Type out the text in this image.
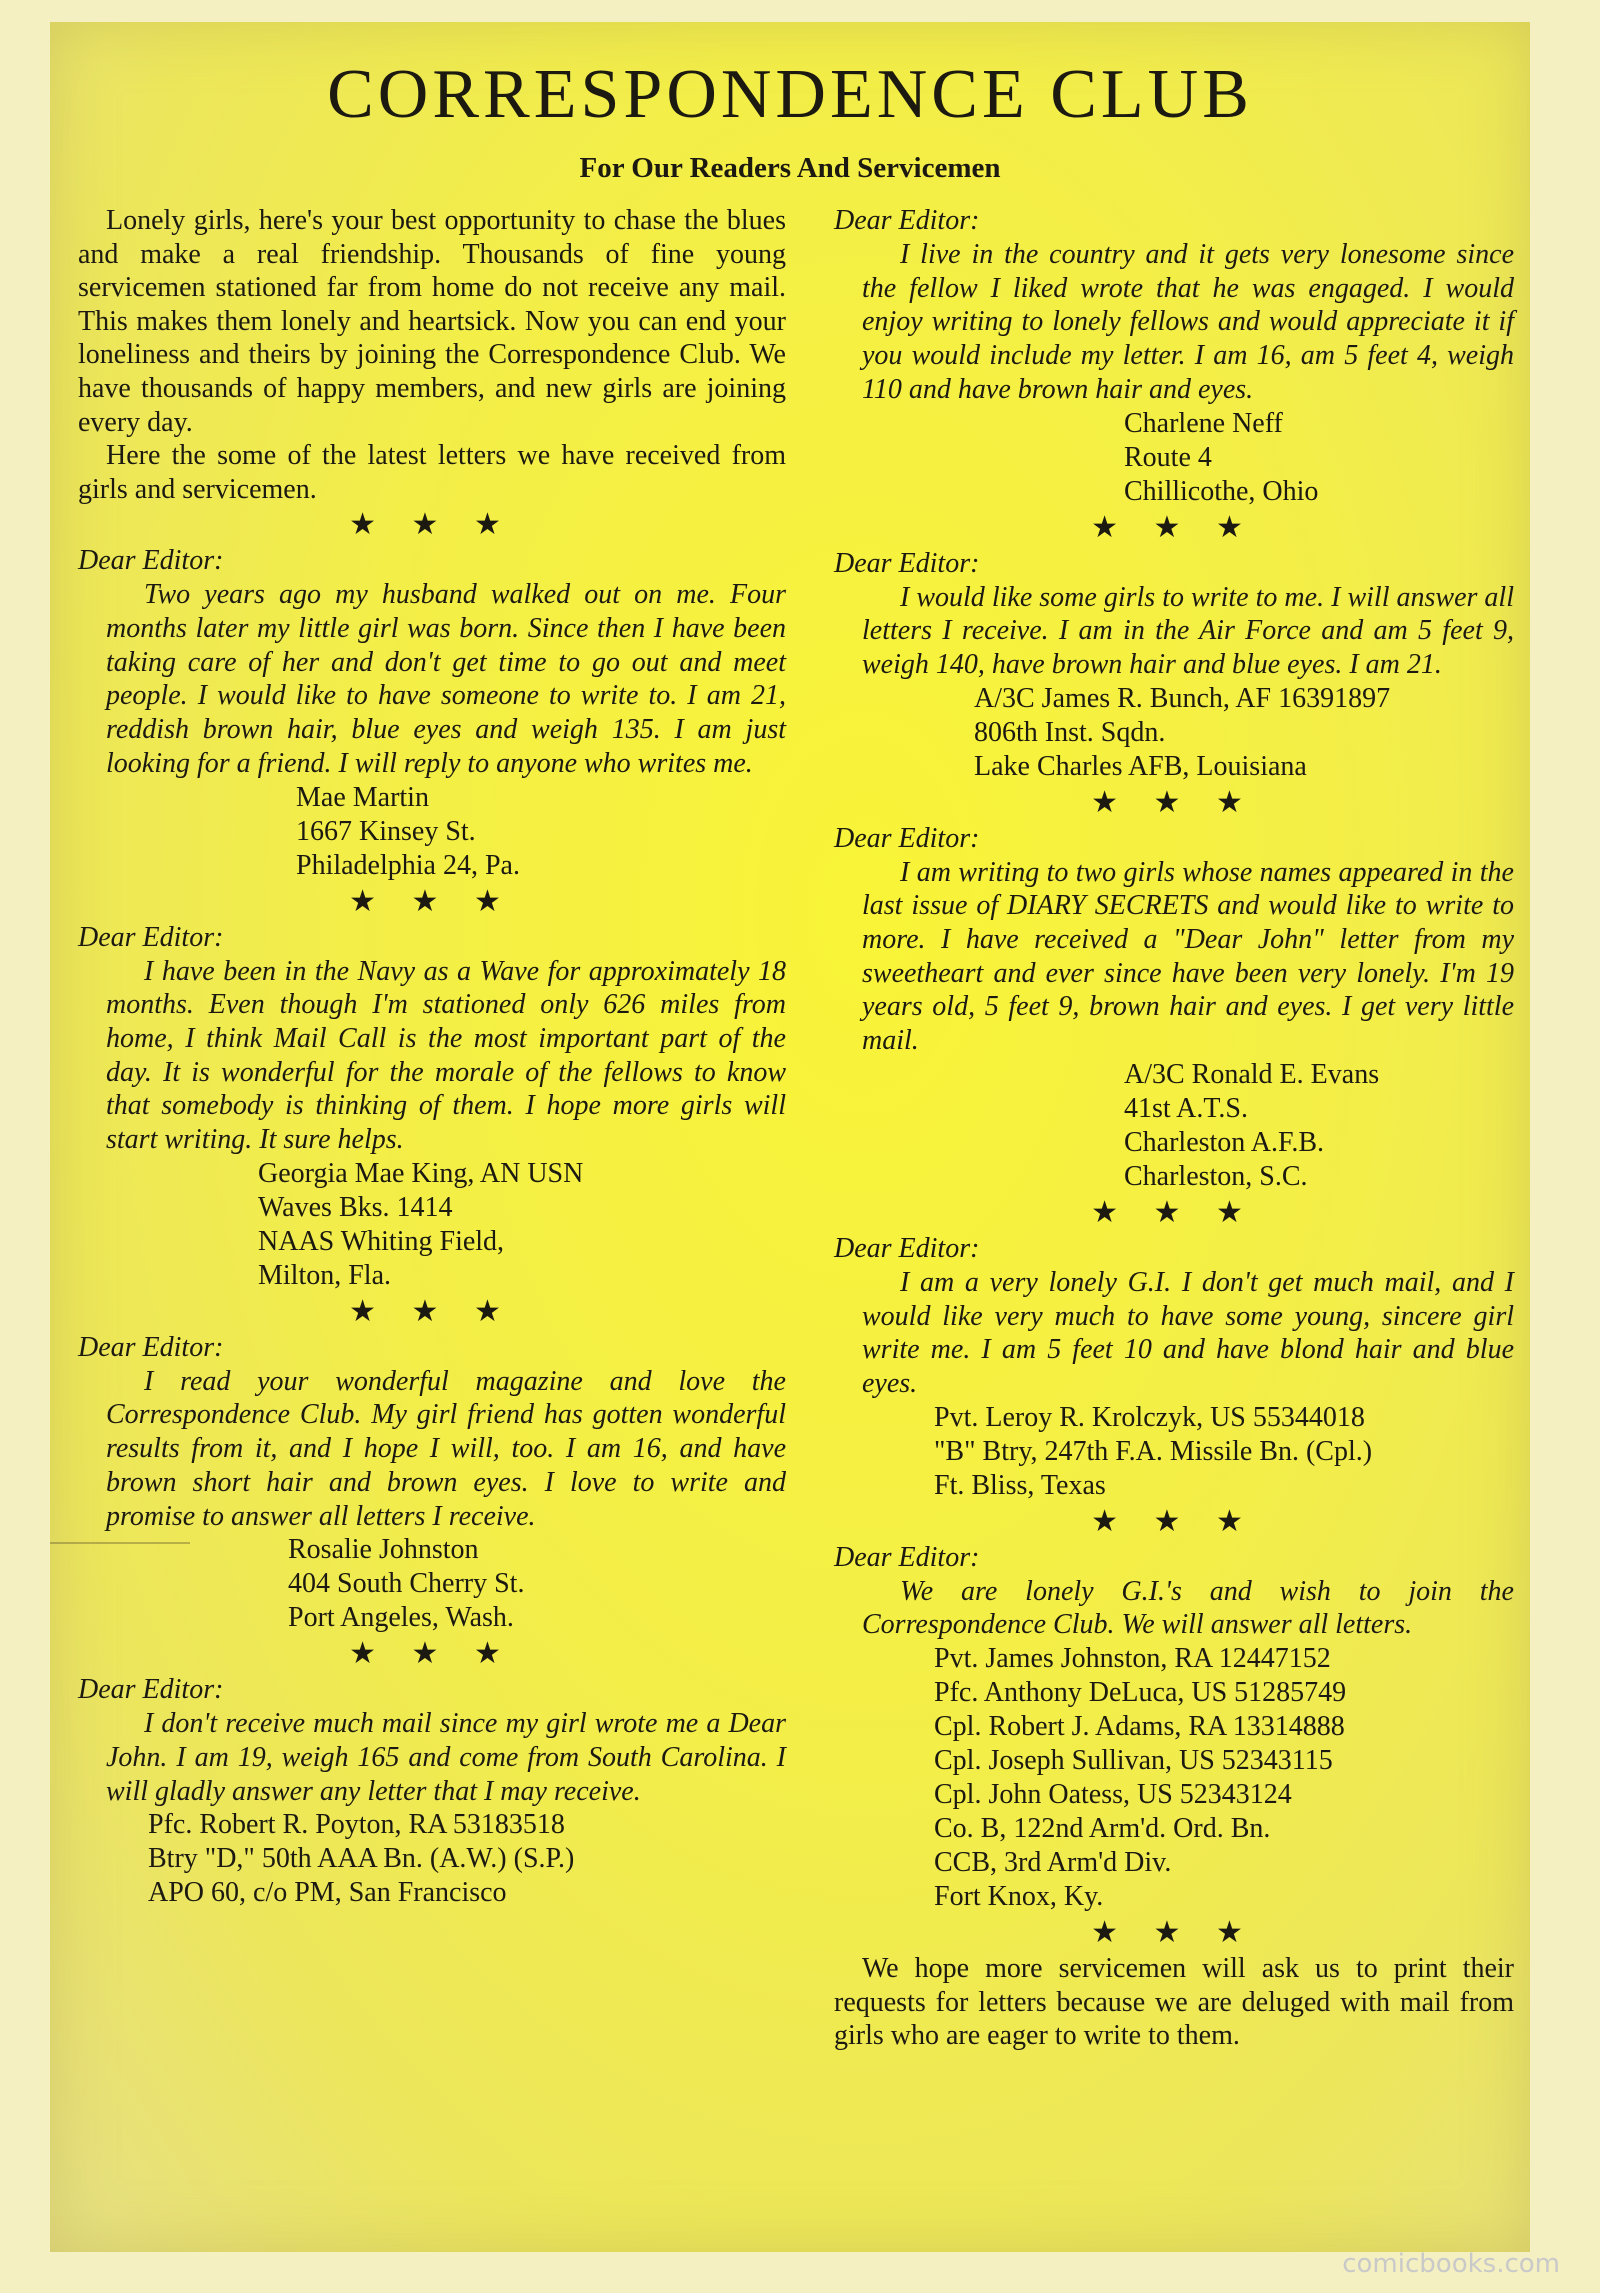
CORRESPONDENCE CLUB
For Our Readers And Servicemen

Lonely girls, here's your best opportunity to chase the blues and make a real friendship. Thousands of fine young servicemen stationed far from home do not receive any mail. This makes them lonely and heartsick. Now you can end your loneliness and theirs by joining the Correspondence Club. We have thousands of happy members, and new girls are joining every day.

Here the some of the latest letters we have received from girls and servicemen.

★ ★ ★
Dear Editor:

Two years ago my husband walked out on me. Four months later my little girl was born. Since then I have been taking care of her and don't get time to go out and meet people. I would like to have someone to write to. I am 21, reddish brown hair, blue eyes and weigh 135. I am just looking for a friend. I will reply to anyone who writes me.

Mae Martin
1667 Kinsey St.
Philadelphia 24, Pa.
★ ★ ★
Dear Editor:

I have been in the Navy as a Wave for approximately 18 months. Even though I'm stationed only 626 miles from home, I think Mail Call is the most important part of the day. It is wonderful for the morale of the fellows to know that somebody is thinking of them. I hope more girls will start writing. It sure helps.

Georgia Mae King, AN USN
Waves Bks. 1414
NAAS Whiting Field,
Milton, Fla.
★ ★ ★
Dear Editor:

I read your wonderful magazine and love the Correspondence Club. My girl friend has gotten wonderful results from it, and I hope I will, too. I am 16, and have brown short hair and brown eyes. I love to write and promise to answer all letters I receive.

Rosalie Johnston
404 South Cherry St.
Port Angeles, Wash.
★ ★ ★
Dear Editor:

I don't receive much mail since my girl wrote me a Dear John. I am 19, weigh 165 and come from South Carolina. I will gladly answer any letter that I may receive.

Pfc. Robert R. Poyton, RA 53183518
Btry "D," 50th AAA Bn. (A.W.) (S.P.)
APO 60, c/o PM, San Francisco
Dear Editor:

I live in the country and it gets very lonesome since the fellow I liked wrote that he was engaged. I would enjoy writing to lonely fellows and would appreciate it if you would include my letter. I am 16, am 5 feet 4, weigh 110 and have brown hair and eyes.

Charlene Neff
Route 4
Chillicothe, Ohio
★ ★ ★
Dear Editor:

I would like some girls to write to me. I will answer all letters I receive. I am in the Air Force and am 5 feet 9, weigh 140, have brown hair and blue eyes. I am 21.

A/3C James R. Bunch, AF 16391897
806th Inst. Sqdn.
Lake Charles AFB, Louisiana
★ ★ ★
Dear Editor:

I am writing to two girls whose names appeared in the last issue of DIARY SECRETS and would like to write to more. I have received a "Dear John" letter from my sweetheart and ever since have been very lonely. I'm 19 years old, 5 feet 9, brown hair and eyes. I get very little mail.

A/3C Ronald E. Evans
41st A.T.S.
Charleston A.F.B.
Charleston, S.C.
★ ★ ★
Dear Editor:

I am a very lonely G.I. I don't get much mail, and I would like very much to have some young, sincere girl write me. I am 5 feet 10 and have blond hair and blue eyes.

Pvt. Leroy R. Krolczyk, US 55344018
"B" Btry, 247th F.A. Missile Bn. (Cpl.)
Ft. Bliss, Texas
★ ★ ★
Dear Editor:

We are lonely G.I.'s and wish to join the Correspondence Club. We will answer all letters.

Pvt. James Johnston, RA 12447152
Pfc. Anthony DeLuca, US 51285749
Cpl. Robert J. Adams, RA 13314888
Cpl. Joseph Sullivan, US 52343115
Cpl. John Oatess, US 52343124
Co. B, 122nd Arm'd. Ord. Bn.
CCB, 3rd Arm'd Div.
Fort Knox, Ky.
★ ★ ★
We hope more servicemen will ask us to print their requests for letters because we are deluged with mail from girls who are eager to write to them.
comicbooks.com
